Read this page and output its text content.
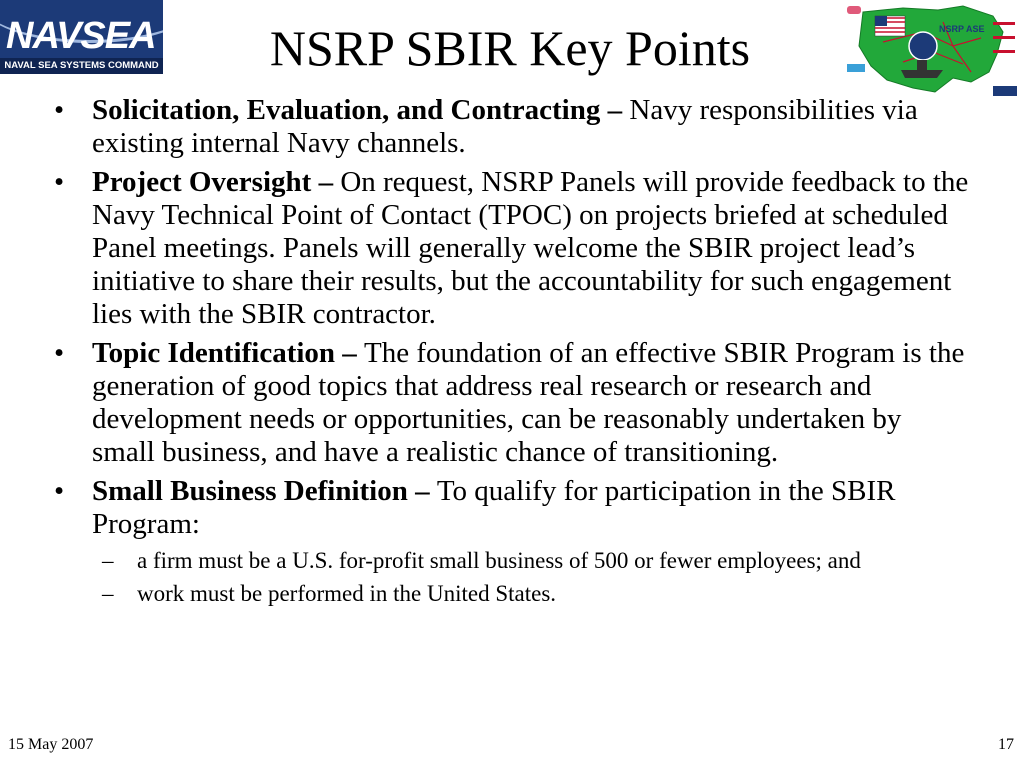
NAVSEA
NAVAL SEA SYSTEMS COMMAND	NSRP SBIR Key Points	NSRP ASE
• Solicitation, Evaluation, and Contracting – Navy responsibilities via existing internal Navy channels.
• Project Oversight – On request, NSRP Panels will provide feedback to the Navy Technical Point of Contact (TPOC) on projects briefed at scheduled Panel meetings. Panels will generally welcome the SBIR project lead’s initiative to share their results, but the accountability for such engagement lies with the SBIR contractor.
• Topic Identification – The foundation of an effective SBIR Program is the generation of good topics that address real research or research and development needs or opportunities, can be reasonably undertaken by small business, and have a realistic chance of transitioning.
• Small Business Definition – To qualify for participation in the SBIR Program:
– a firm must be a U.S. for-profit small business of 500 or fewer employees; and
– work must be performed in the United States.
15 May 2007	17
